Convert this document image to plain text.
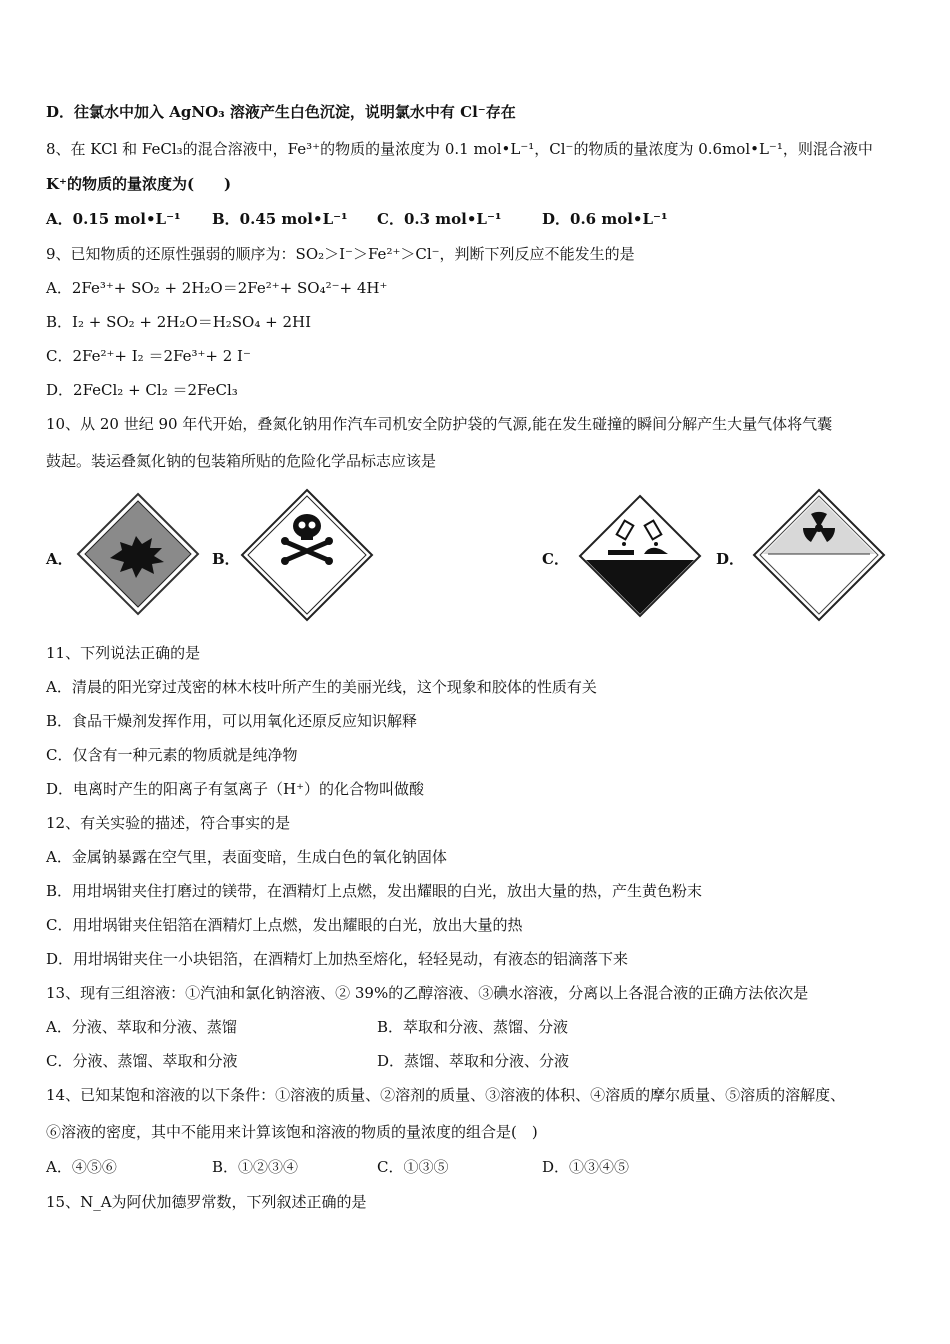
D．往氯水中加入 AgNO₃ 溶液产生白色沉淀，说明氯水中有 Cl⁻存在
8、在 KCl 和 FeCl₃的混合溶液中，Fe³⁺的物质的量浓度为 0.1 mol•L⁻¹，Cl⁻的物质的量浓度为 0.6mol•L⁻¹，则混合液中
K⁺的物质的量浓度为(　　)
A．0.15 mol•L⁻¹ B．0.45 mol•L⁻¹ C．0.3 mol•L⁻¹	D．0.6 mol•L⁻¹
9、已知物质的还原性强弱的顺序为：SO₂＞I⁻＞Fe²⁺＞Cl⁻，判断下列反应不能发生的是
A．2Fe³⁺+ SO₂ + 2H₂O＝2Fe²⁺+ SO₄²⁻+ 4H⁺
B．I₂ + SO₂ + 2H₂O＝H₂SO₄ + 2HI
C．2Fe²⁺+ I₂ ＝2Fe³⁺+ 2 I⁻
D．2FeCl₂ + Cl₂ ＝2FeCl₃
10、从 20 世纪 90 年代开始，叠氮化钠用作汽车司机安全防护袋的气源,能在发生碰撞的瞬间分解产生大量气体将气囊
鼓起。装运叠氮化钠的包装箱所贴的危险化学品标志应该是
A．	B．	C．	D．
11、下列说法正确的是
A．清晨的阳光穿过茂密的林木枝叶所产生的美丽光线，这个现象和胶体的性质有关
B．食品干燥剂发挥作用，可以用氧化还原反应知识解释
C．仅含有一种元素的物质就是纯净物
D．电离时产生的阳离子有氢离子（H⁺）的化合物叫做酸
12、有关实验的描述，符合事实的是
A．金属钠暴露在空气里，表面变暗，生成白色的氧化钠固体
B．用坩埚钳夹住打磨过的镁带，在酒精灯上点燃，发出耀眼的白光，放出大量的热，产生黄色粉末
C．用坩埚钳夹住铝箔在酒精灯上点燃，发出耀眼的白光，放出大量的热
D．用坩埚钳夹住一小块铝箔，在酒精灯上加热至熔化，轻轻晃动，有液态的铝滴落下来
13、现有三组溶液：①汽油和氯化钠溶液、② 39%的乙醇溶液、③碘水溶液，分离以上各混合液的正确方法依次是
A．分液、萃取和分液、蒸馏	B．萃取和分液、蒸馏、分液
C．分液、蒸馏、萃取和分液	D．蒸馏、萃取和分液、分液
14、已知某饱和溶液的以下条件：①溶液的质量、②溶剂的质量、③溶液的体积、④溶质的摩尔质量、⑤溶质的溶解度、
⑥溶液的密度，其中不能用来计算该饱和溶液的物质的量浓度的组合是(　)
A．④⑤⑥	B．①②③④	C．①③⑤	D．①③④⑤
15、N_A为阿伏加德罗常数，下列叙述正确的是
